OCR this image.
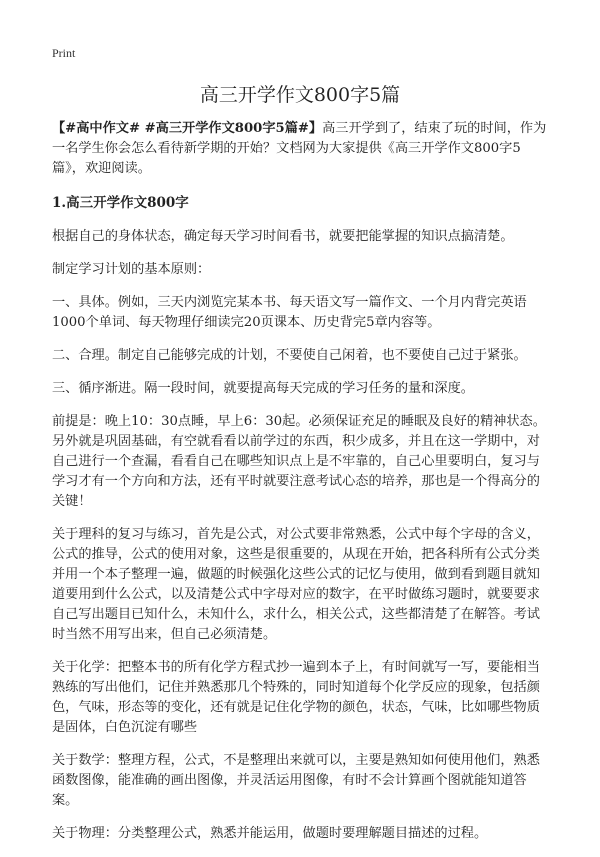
Print
高三开学作文800字5篇

【#高中作文# #高三开学作文800字5篇#】高三开学到了，结束了玩的时间，作为一名学生你会怎么看待新学期的开始？文档网为大家提供《高三开学作文800字5篇》，欢迎阅读。

1.高三开学作文800字

根据自己的身体状态，确定每天学习时间看书，就要把能掌握的知识点搞清楚。

制定学习计划的基本原则：

一、具体。例如，三天内浏览完某本书、每天语文写一篇作文、一个月内背完英语1000个单词、每天物理仔细读完20页课本、历史背完5章内容等。

二、合理。制定自己能够完成的计划，不要使自己闲着，也不要使自己过于紧张。

三、循序渐进。隔一段时间，就要提高每天完成的学习任务的量和深度。

前提是：晚上10：30点睡，早上6：30起。必须保证充足的睡眠及良好的精神状态。另外就是巩固基础，有空就看看以前学过的东西，积少成多，并且在这一学期中，对自己进行一个查漏，看看自己在哪些知识点上是不牢靠的，自己心里要明白，复习与学习才有一个方向和方法，还有平时就要注意考试心态的培养，那也是一个得高分的关键！

关于理科的复习与练习，首先是公式，对公式要非常熟悉，公式中每个字母的含义，公式的推导，公式的使用对象，这些是很重要的，从现在开始，把各科所有公式分类并用一个本子整理一遍，做题的时候强化这些公式的记忆与使用，做到看到题目就知道要用到什么公式，以及清楚公式中字母对应的数字，在平时做练习题时，就要要求自己写出题目已知什么，未知什么，求什么，相关公式，这些都清楚了在解答。考试时当然不用写出来，但自己必须清楚。

关于化学：把整本书的所有化学方程式抄一遍到本子上，有时间就写一写，要能相当熟练的写出他们，记住并熟悉那几个特殊的，同时知道每个化学反应的现象，包括颜色，气味，形态等的变化，还有就是记住化学物的颜色，状态，气味，比如哪些物质是固体，白色沉淀有哪些

关于数学：整理方程，公式，不是整理出来就可以，主要是熟知如何使用他们，熟悉函数图像，能准确的画出图像，并灵活运用图像，有时不会计算画个图就能知道答案。

关于物理：分类整理公式，熟悉并能运用，做题时要理解题目描述的过程。
